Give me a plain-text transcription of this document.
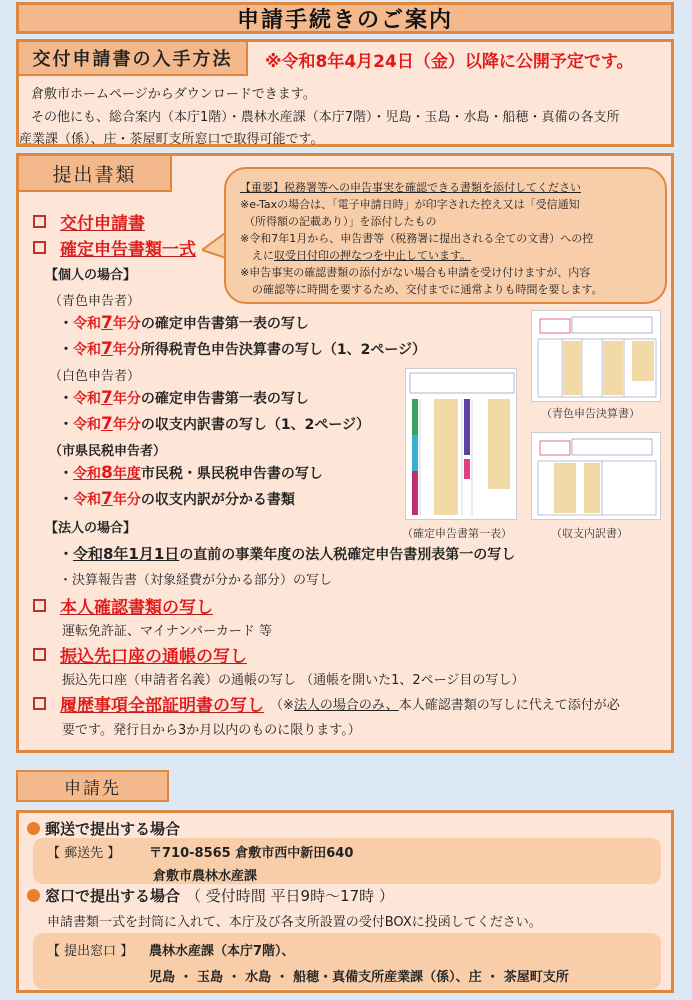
申請手続きのご案内
交付申請書の入手方法	※令和8年4月24日（金）以降に公開予定です。
倉敷市ホームページからダウンロードできます。
その他にも、総合案内（本庁1階）・農林水産課（本庁7階）・児島・玉島・水島・船穂・真備の各支所
産業課（係）、庄・茶屋町支所窓口で取得可能です。
提出書類

【重要】税務署等への申告事実を確認できる書類を添付してください

※e-Taxの場合は、「電子申請日時」が印字された控え又は「受信通知

（所得額の記載あり）」を添付したもの

※令和7年1月から、申告書等（税務署に提出される全ての文書）への控

えに収受日付印の押なつを中止しています。

※申告事実の確認書類の添付がない場合も申請を受け付けますが、内容

の確認等に時間を要するため、交付までに通常よりも時間を要します。

交付申請書
確定申告書類一式
【個人の場合】
（青色申告者）
・令和7年分の確定申告書第一表の写し
・令和7年分所得税青色申告決算書の写し（1、2ページ）
（白色申告者）
・令和7年分の確定申告書第一表の写し
・令和7年分の収支内訳書の写し（1、2ページ）
（市県民税申告者）
・令和8年度市民税・県民税申告書の写し
・令和7年分の収支内訳が分かる書類
【法人の場合】
・令和8年1月1日の直前の事業年度の法人税確定申告書別表第一の写し
・決算報告書（対象経費が分かる部分）の写し
本人確認書類の写し
運転免許証、マイナンバーカード 等
振込先口座の通帳の写し
振込先口座（申請者名義）の通帳の写し （通帳を開いた1、2ページ目の写し）
履歴事項全部証明書の写し （※法人の場合のみ、本人確認書類の写しに代えて添付が必
要です。発行日から3か月以内のものに限ります。）
（青色申告決算書）
（確定申告書第一表）	（収支内訳書）
申請先
郵送で提出する場合
【 郵送先 】 〒710-8565 倉敷市西中新田640
倉敷市農林水産課
窓口で提出する場合 （ 受付時間 平日9時～17時 ）
申請書類一式を封筒に入れて、本庁及び各支所設置の受付BOXに投函してください。
【 提出窓口 】 農林水産課（本庁7階）、
児島 ・ 玉島 ・ 水島 ・ 船穂・真備支所産業課（係）、庄 ・ 茶屋町支所
